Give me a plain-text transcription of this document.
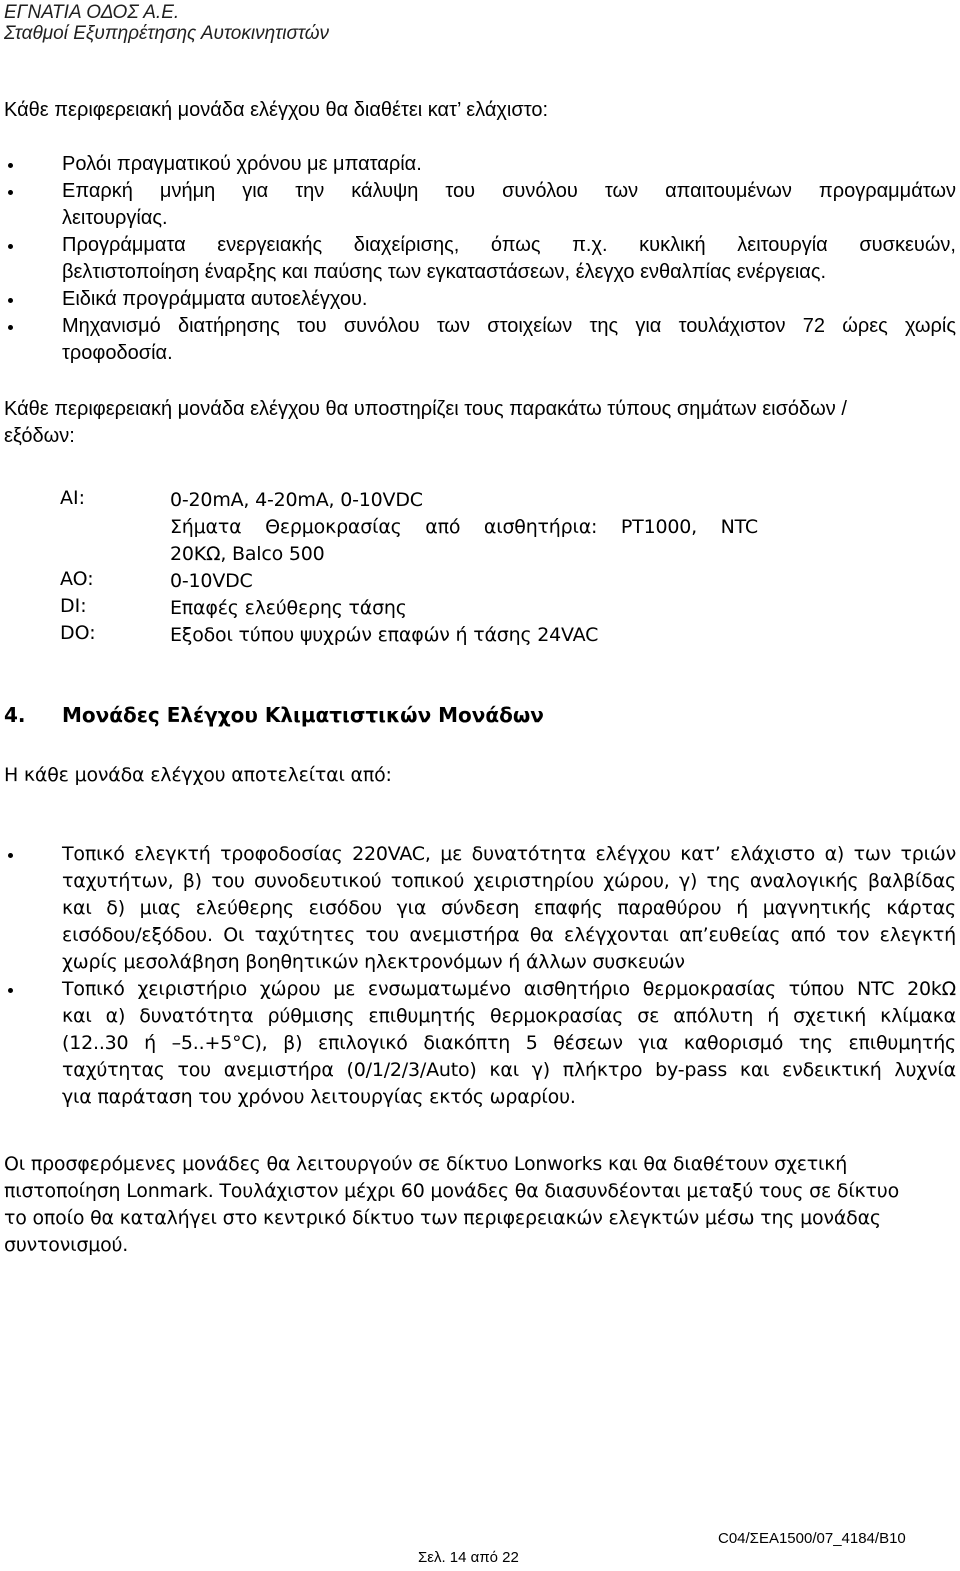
ΕΓΝΑΤΙΑ ΟΔΟΣ Α.Ε.
Σταθμοί Εξυπηρέτησης Αυτοκινητιστών
Κάθε περιφερειακή μονάδα ελέγχου θα διαθέτει κατ’ ελάχιστο:
Ρολόι πραγματικού χρόνου με μπαταρία.
Επαρκή μνήμη για την κάλυψη του συνόλου των απαιτουμένων προγραμμάτων
λειτουργίας.
Προγράμματα ενεργειακής διαχείρισης, όπως π.χ. κυκλική λειτουργία συσκευών,
βελτιστοποίηση έναρξης και παύσης των εγκαταστάσεων, έλεγχο ενθαλπίας ενέργειας.
Ειδικά προγράμματα αυτοελέγχου.
Μηχανισμό διατήρησης του συνόλου των στοιχείων της για τουλάχιστον 72 ώρες χωρίς
τροφοδοσία.
Κάθε περιφερειακή μονάδα ελέγχου θα υποστηρίζει τους παρακάτω τύπους σημάτων εισόδων /
εξόδων:
AI:	0-20mA, 4-20mA, 0-10VDC
Σήματα Θερμοκρασίας από αισθητήρια: PT1000, NTC
20ΚΩ, Balco 500
AO:	0-10VDC
DI:	Επαφές ελεύθερης τάσης
DO:	Εξοδοι τύπου ψυχρών επαφών ή τάσης 24VAC
4. Μονάδες Ελέγχου Κλιματιστικών Μονάδων
Η κάθε μονάδα ελέγχου αποτελείται από:
Τοπικό ελεγκτή τροφοδοσίας 220VAC, με δυνατότητα ελέγχου κατ’ ελάχιστο α) των τριών
ταχυτήτων, β) του συνοδευτικού τοπικού χειριστηρίου χώρου, γ) της αναλογικής βαλβίδας
και δ) μιας ελεύθερης εισόδου για σύνδεση επαφής παραθύρου ή μαγνητικής κάρτας
εισόδου/εξόδου. Οι ταχύτητες του ανεμιστήρα θα ελέγχονται απ’ευθείας από τον ελεγκτή
χωρίς μεσολάβηση βοηθητικών ηλεκτρονόμων ή άλλων συσκευών
Τοπικό χειριστήριο χώρου με ενσωματωμένο αισθητήριο θερμοκρασίας τύπου NTC 20kΩ
και α) δυνατότητα ρύθμισης επιθυμητής θερμοκρασίας σε απόλυτη ή σχετική κλίμακα
(12..30 ή –5..+5°C), β) επιλογικό διακόπτη 5 θέσεων για καθορισμό της επιθυμητής
ταχύτητας του ανεμιστήρα (0/1/2/3/Auto) και γ) πλήκτρο by-pass και ενδεικτική λυχνία
για παράταση του χρόνου λειτουργίας εκτός ωραρίου.
Οι προσφερόμενες μονάδες θα λειτουργούν σε δίκτυο Lonworks και θα διαθέτουν σχετική
πιστοποίηση Lonmark. Τουλάχιστον μέχρι 60 μονάδες θα διασυνδέονται μεταξύ τους σε δίκτυο
το οποίο θα καταλήγει στο κεντρικό δίκτυο των περιφερειακών ελεγκτών μέσω της μονάδας
συντονισμού.
C04/ΣΕΑ1500/07_4184/B10
Σελ. 14 από 22
